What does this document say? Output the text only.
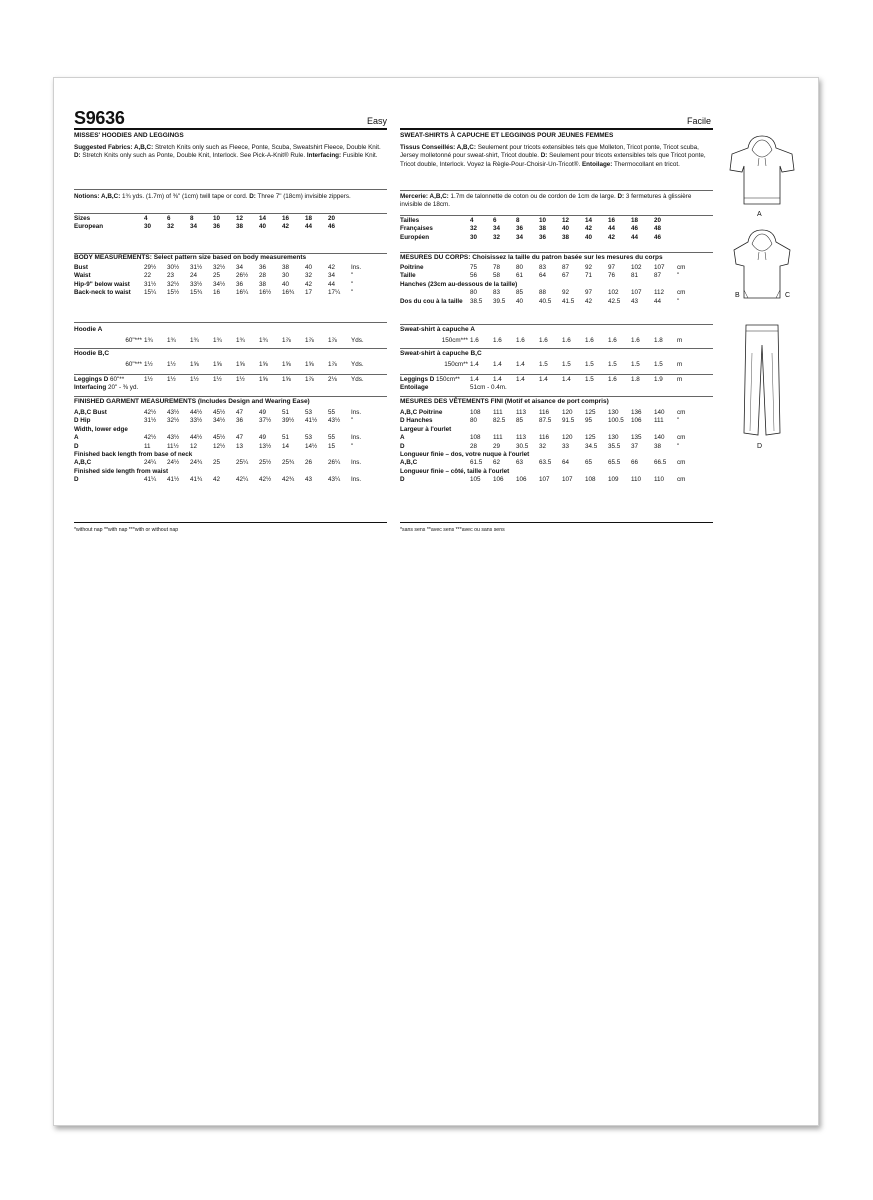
S9636	Easy	Facile
MISSES' HOODIES AND LEGGINGS
Suggested Fabrics: A,B,C: Stretch Knits only such as Fleece, Ponte, Scuba, Sweatshirt Fleece, Double Knit. D: Stretch Knits only such as Ponte, Double Knit, Interlock. See Pick-A-Knit® Rule. Interfacing: Fusible Knit.
Notions: A,B,C: 1¾ yds. (1.7m) of ⅜" (1cm) twill tape or cord. D: Three 7" (18cm) invisible zippers.
Sizes	4	6	8	10	12	14	16	18	20
European	30	32	34	36	38	40	42	44	46
BODY MEASUREMENTS: Select pattern size based on body measurements
Bust	29½	30½	31½	32½	34	36	38	40	42	Ins.
Waist	22	23	24	25	26½	28	30	32	34	"
Hip-9" below waist	31½	32½	33½	34½	36	38	40	42	44	"
Back-neck to waist	15¼	15½	15¾	16	16¼	16½	16¾	17	17¼	"
Hoodie A
60"***	1¾	1¾	1¾	1¾	1¾	1¾	1⅞	1⅞	1⅞	Yds.
Hoodie B,C
60"***	1½	1½	1⅝	1⅝	1⅝	1⅝	1⅝	1⅝	1⅞	Yds.
Leggings D 60"**	1½	1½	1½	1½	1½	1⅝	1⅝	1⅞	2⅛	Yds.
Interfacing 20" - ⅜ yd.
FINISHED GARMENT MEASUREMENTS (Includes Design and Wearing Ease)
A,B,C Bust	42½	43½	44½	45½	47	49	51	53	55	Ins.
D Hip	31½	32½	33½	34½	36	37½	39½	41½	43½	"
Width, lower edge										
A	42½	43½	44½	45½	47	49	51	53	55	Ins.
D	11	11½	12	12½	13	13½	14	14½	15	"
Finished back length from base of neck										
A,B,C	24¼	24½	24¾	25	25¼	25½	25¾	26	26¼	Ins.
Finished side length from waist										
D	41¼	41½	41¾	42	42¼	42½	42¾	43	43¼	Ins.
*without nap **with nap ***with or without nap
SWEAT-SHIRTS À CAPUCHE ET LEGGINGS POUR JEUNES FEMMES
Tissus Conseillés: A,B,C: Seulement pour tricots extensibles tels que Molleton, Tricot ponte, Tricot scuba, Jersey molletonné pour sweat-shirt, Tricot double. D: Seulement pour tricots extensibles tels que Tricot ponte, Tricot double, Interlock. Voyez la Règle-Pour-Choisir-Un-Tricot®. Entoilage: Thermocollant en tricot.
Mercerie: A,B,C: 1.7m de talonnette de coton ou de cordon de 1cm de large. D: 3 fermetures à glissière invisible de 18cm.
Tailles	4	6	8	10	12	14	16	18	20
Françaises	32	34	36	38	40	42	44	46	48
Européen	30	32	34	36	38	40	42	44	46
MESURES DU CORPS: Choisissez la taille du patron basée sur les mesures du corps
Poitrine	75	78	80	83	87	92	97	102	107	cm
Taille	56	58	61	64	67	71	76	81	87	"
Hanches (23cm au-dessous de la taille)										
	80	83	85	88	92	97	102	107	112	cm
Dos du cou à la taille	38.5	39.5	40	40.5	41.5	42	42.5	43	44	"
Sweat-shirt à capuche A
150cm***	1.6	1.6	1.6	1.6	1.6	1.6	1.6	1.6	1.8	m
Sweat-shirt à capuche B,C
150cm**	1.4	1.4	1.4	1.5	1.5	1.5	1.5	1.5	1.5	m
Leggings D 150cm**	1.4	1.4	1.4	1.4	1.4	1.5	1.6	1.8	1.9	m
Entoilage	51cm - 0.4m.									
MESURES DES VÊTEMENTS FINI (Motif et aisance de port compris)
A,B,C Poitrine	108	111	113	116	120	125	130	136	140	cm
D Hanches	80	82.5	85	87.5	91.5	95	100.5	106	111	"
Largeur à l'ourlet										
A	108	111	113	116	120	125	130	135	140	cm
D	28	29	30.5	32	33	34.5	35.5	37	38	"
Longueur finie – dos, votre nuque à l'ourlet										
A,B,C	61.5	62	63	63.5	64	65	65.5	66	66.5	cm
Longueur finie – côté, taille à l'ourlet										
D	105	106	106	107	107	108	109	110	110	cm
*sans sens **avec sens ***avec ou sans sens
A
B	C
D
